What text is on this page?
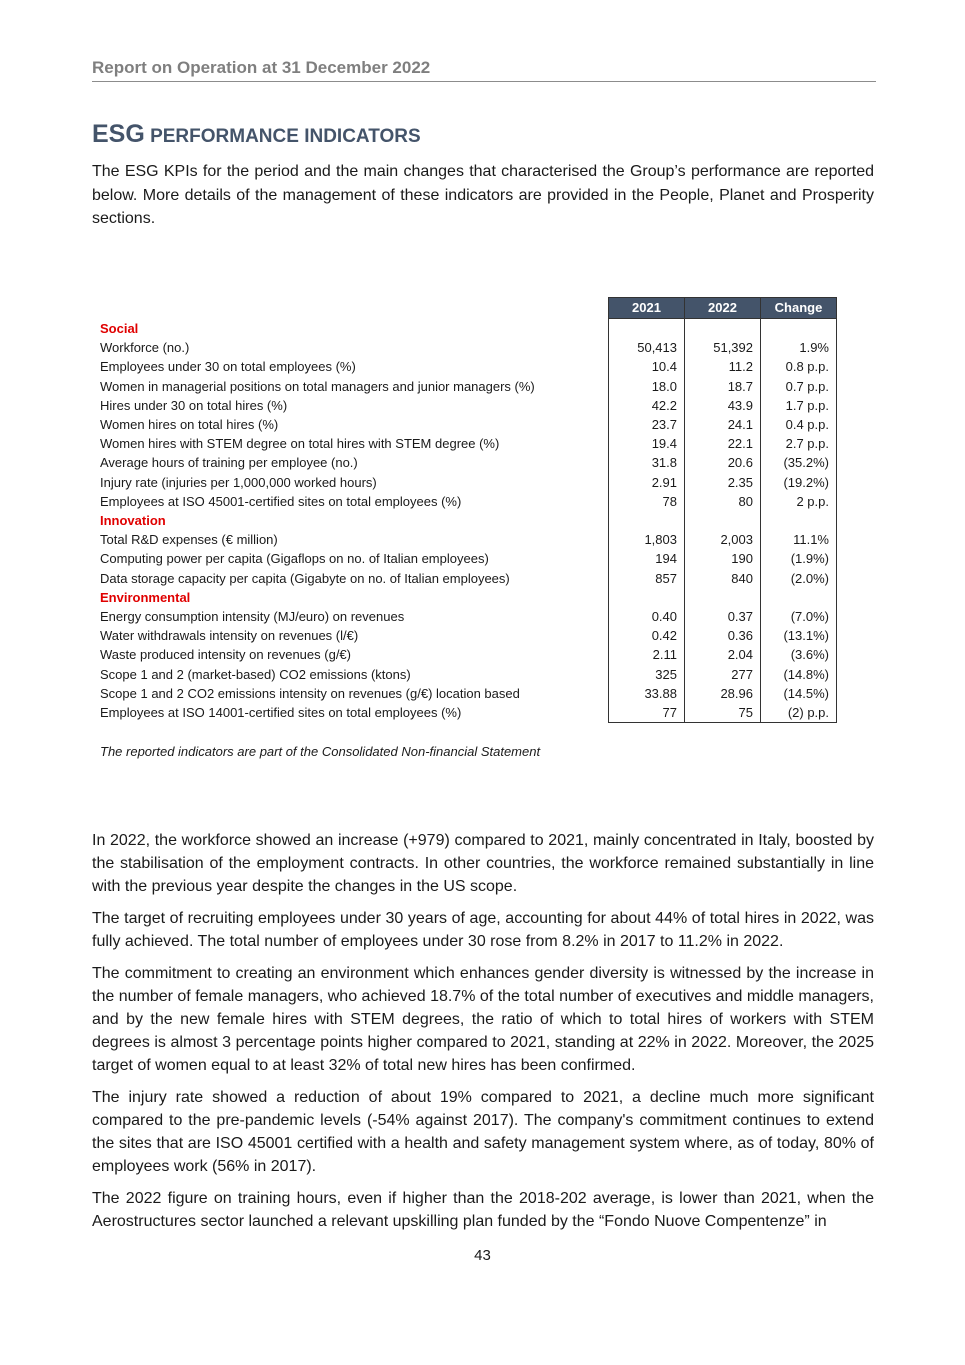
Report on Operation at 31 December 2022
ESG PERFORMANCE INDICATORS

The ESG KPIs for the period and the main changes that characterised the Group’s performance are reported below. More details of the management of these indicators are provided in the People, Planet and Prosperity sections.

	2021	2022	Change
Social			
Workforce (no.)	50,413	51,392	1.9%
Employees under 30 on total employees (%)	10.4	11.2	0.8 p.p.
Women in managerial positions on total managers and junior managers (%)	18.0	18.7	0.7 p.p.
Hires under 30 on total hires (%)	42.2	43.9	1.7 p.p.
Women hires on total hires (%)	23.7	24.1	0.4 p.p.
Women hires with STEM degree on total hires with STEM degree (%)	19.4	22.1	2.7 p.p.
Average hours of training per employee (no.)	31.8	20.6	(35.2%)
Injury rate (injuries per 1,000,000 worked hours)	2.91	2.35	(19.2%)
Employees at ISO 45001-certified sites on total employees (%)	78	80	2 p.p.
Innovation			
Total R&D expenses (€ million)	1,803	2,003	11.1%
Computing power per capita (Gigaflops on no. of Italian employees)	194	190	(1.9%)
Data storage capacity per capita (Gigabyte on no. of Italian employees)	857	840	(2.0%)
Environmental			
Energy consumption intensity (MJ/euro) on revenues	0.40	0.37	(7.0%)
Water withdrawals intensity on revenues (l/€)	0.42	0.36	(13.1%)
Waste produced intensity on revenues (g/€)	2.11	2.04	(3.6%)
Scope 1 and 2 (market-based) CO2 emissions (ktons)	325	277	(14.8%)
Scope 1 and 2 CO2 emissions intensity on revenues (g/€) location based	33.88	28.96	(14.5%)
Employees at ISO 14001-certified sites on total employees (%)	77	75	(2) p.p.
The reported indicators are part of the Consolidated Non-financial Statement

In 2022, the workforce showed an increase (+979) compared to 2021, mainly concentrated in Italy, boosted by the stabilisation of the employment contracts. In other countries, the workforce remained substantially in line with the previous year despite the changes in the US scope.

The target of recruiting employees under 30 years of age, accounting for about 44% of total hires in 2022, was fully achieved. The total number of employees under 30 rose from 8.2% in 2017 to 11.2% in 2022.

The commitment to creating an environment which enhances gender diversity is witnessed by the increase in the number of female managers, who achieved 18.7% of the total number of executives and middle managers, and by the new female hires with STEM degrees, the ratio of which to total hires of workers with STEM degrees is almost 3 percentage points higher compared to 2021, standing at 22% in 2022. Moreover, the 2025 target of women equal to at least 32% of total new hires has been confirmed.

The injury rate showed a reduction of about 19% compared to 2021, a decline much more significant compared to the pre-pandemic levels (-54% against 2017). The company's commitment continues to extend the sites that are ISO 45001 certified with a health and safety management system where, as of today, 80% of employees work (56% in 2017).

The 2022 figure on training hours, even if higher than the 2018-202 average, is lower than 2021, when the Aerostructures sector launched a relevant upskilling plan funded by the “Fondo Nuove Compentenze” in

43
